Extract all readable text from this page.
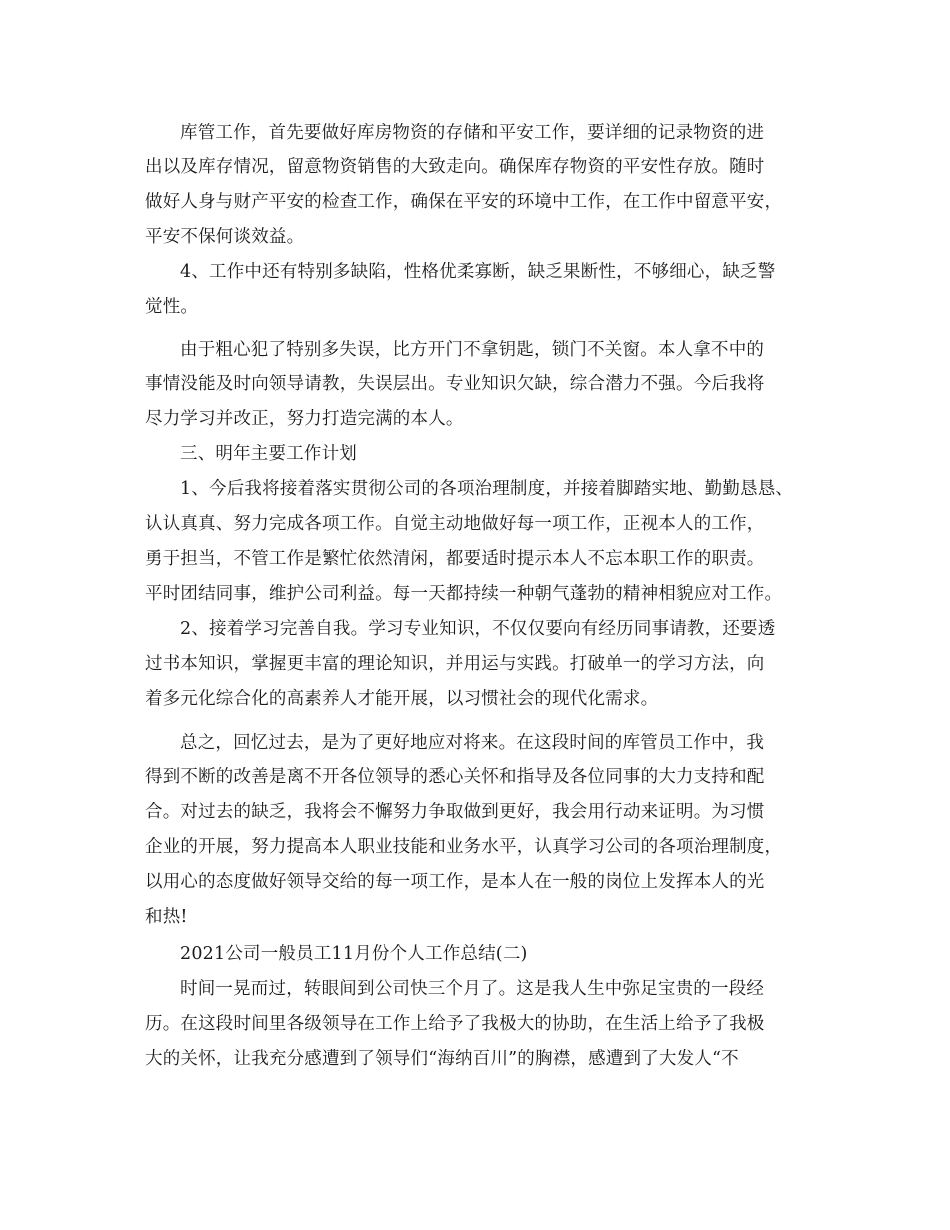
库管工作，首先要做好库房物资的存储和平安工作，要详细的记录物资的进
出以及库存情况，留意物资销售的大致走向。确保库存物资的平安性存放。随时
做好人身与财产平安的检查工作，确保在平安的环境中工作，在工作中留意平安，
平安不保何谈效益。
4、工作中还有特别多缺陷，性格优柔寡断，缺乏果断性，不够细心，缺乏警
觉性。
由于粗心犯了特别多失误，比方开门不拿钥匙，锁门不关窗。本人拿不中的
事情没能及时向领导请教，失误层出。专业知识欠缺，综合潜力不强。今后我将
尽力学习并改正，努力打造完满的本人。
三、明年主要工作计划
1、今后我将接着落实贯彻公司的各项治理制度，并接着脚踏实地、勤勤恳恳、
认认真真、努力完成各项工作。自觉主动地做好每一项工作，正视本人的工作，
勇于担当，不管工作是繁忙依然清闲，都要适时提示本人不忘本职工作的职责。
平时团结同事，维护公司利益。每一天都持续一种朝气蓬勃的精神相貌应对工作。
2、接着学习完善自我。学习专业知识，不仅仅要向有经历同事请教，还要透
过书本知识，掌握更丰富的理论知识，并用运与实践。打破单一的学习方法，向
着多元化综合化的高素养人才能开展，以习惯社会的现代化需求。
总之，回忆过去，是为了更好地应对将来。在这段时间的库管员工作中，我
得到不断的改善是离不开各位领导的悉心关怀和指导及各位同事的大力支持和配
合。对过去的缺乏，我将会不懈努力争取做到更好，我会用行动来证明。为习惯
企业的开展，努力提高本人职业技能和业务水平，认真学习公司的各项治理制度，
以用心的态度做好领导交给的每一项工作，是本人在一般的岗位上发挥本人的光
和热!
2021公司一般员工11月份个人工作总结(二)
时间一晃而过，转眼间到公司快三个月了。这是我人生中弥足宝贵的一段经
历。在这段时间里各级领导在工作上给予了我极大的协助，在生活上给予了我极
大的关怀，让我充分感遭到了领导们“海纳百川”的胸襟，感遭到了大发人“不
